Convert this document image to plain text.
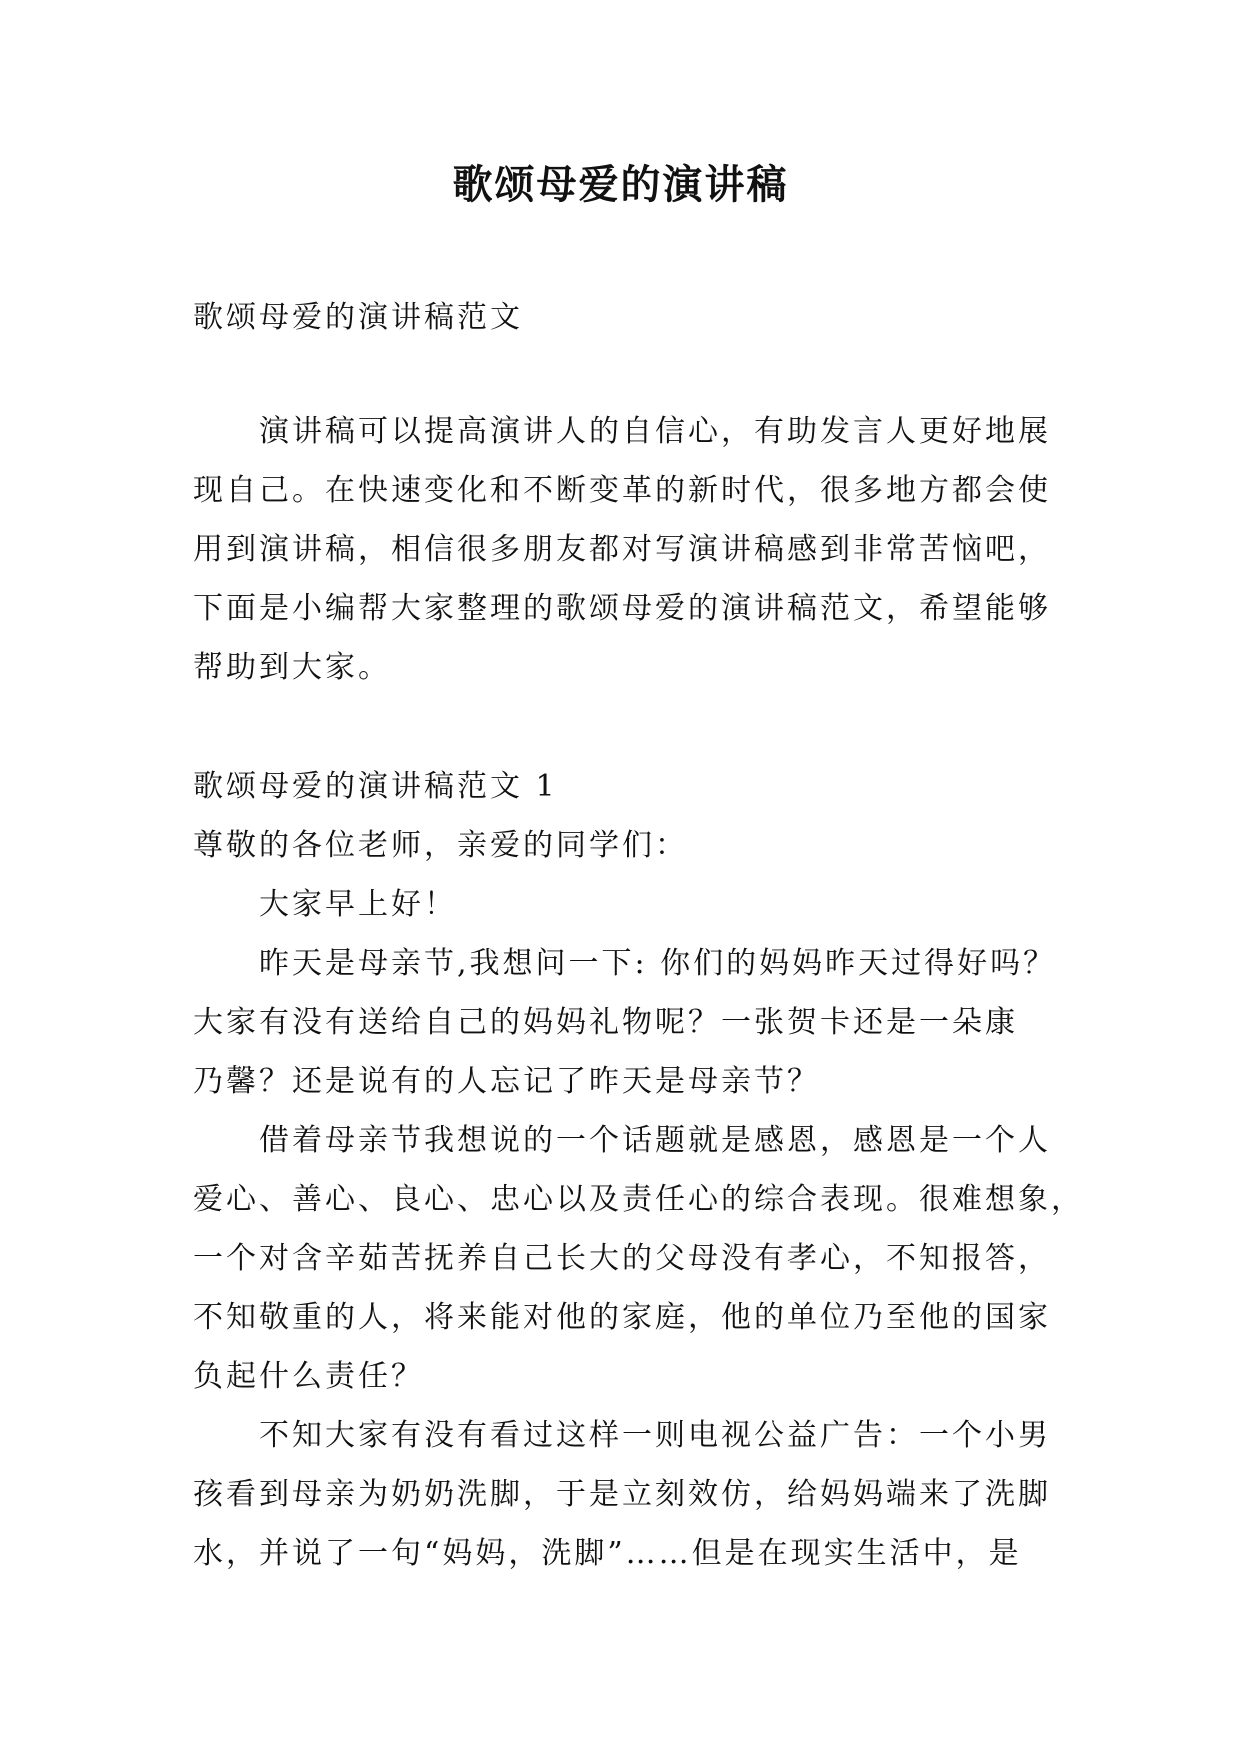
歌颂母爱的演讲稿
歌颂母爱的演讲稿范文
演讲稿可以提高演讲人的自信心，有助发言人更好地展
现自己。在快速变化和不断变革的新时代，很多地方都会使
用到演讲稿，相信很多朋友都对写演讲稿感到非常苦恼吧，
下面是小编帮大家整理的歌颂母爱的演讲稿范文，希望能够
帮助到大家。
歌颂母爱的演讲稿范文 1
尊敬的各位老师，亲爱的同学们：
大家早上好！
昨天是母亲节,我想问一下: 你们的妈妈昨天过得好吗？
大家有没有送给自己的妈妈礼物呢？一张贺卡还是一朵康
乃馨？还是说有的人忘记了昨天是母亲节？
借着母亲节我想说的一个话题就是感恩，感恩是一个人
爱心、善心、良心、忠心以及责任心的综合表现。很难想象，
一个对含辛茹苦抚养自己长大的父母没有孝心，不知报答，
不知敬重的人，将来能对他的家庭，他的单位乃至他的国家
负起什么责任？
不知大家有没有看过这样一则电视公益广告：一个小男
孩看到母亲为奶奶洗脚，于是立刻效仿，给妈妈端来了洗脚
水，并说了一句“妈妈，洗脚”……但是在现实生活中，是
